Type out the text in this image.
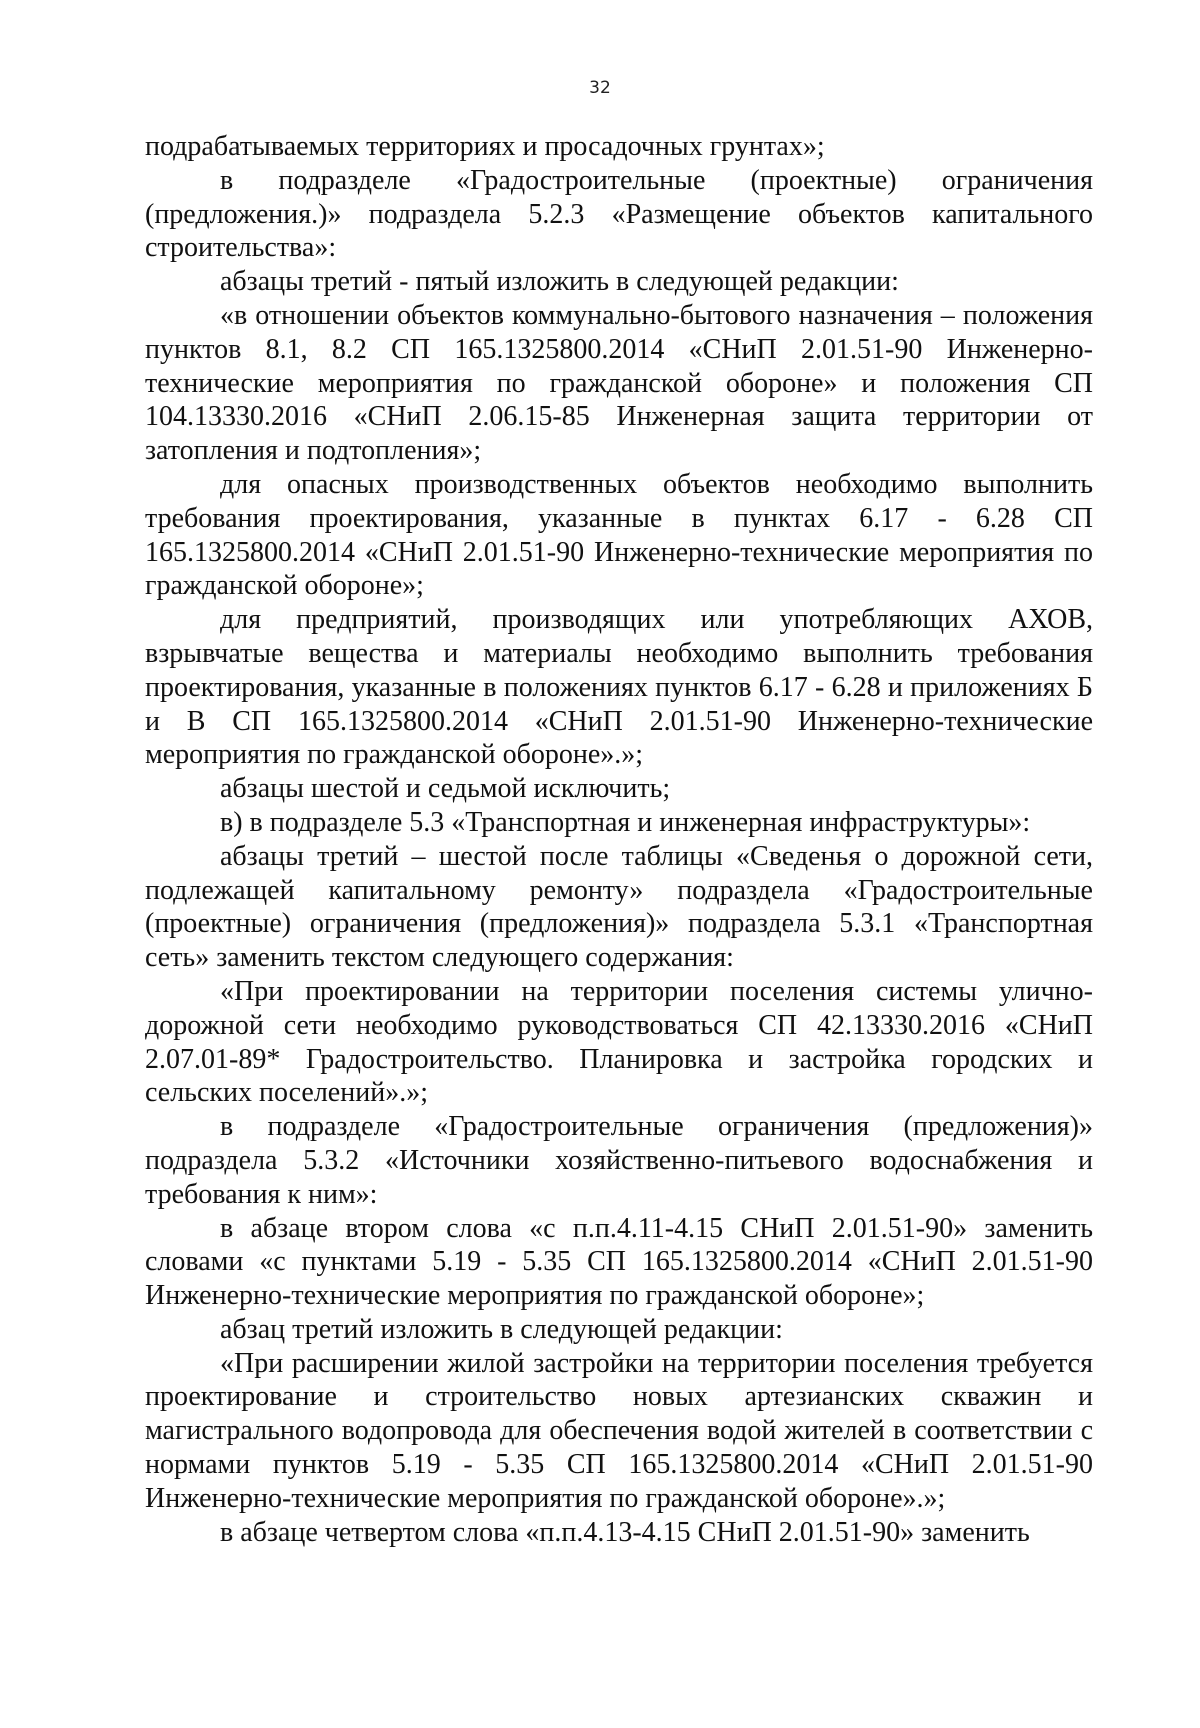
32

подрабатываемых территориях и просадочных грунтах»;

в подразделе «Градостроительные (проектные) ограничения (предложения.)» подраздела 5.2.3 «Размещение объектов капитального строительства»:

абзацы третий - пятый изложить в следующей редакции:

«в отношении объектов коммунально-бытового назначения – положения пунктов 8.1, 8.2 СП 165.1325800.2014 «СНиП 2.01.51-90 Инженерно-технические мероприятия по гражданской обороне» и положения СП 104.13330.2016 «СНиП 2.06.15-85 Инженерная защита территории от затопления и подтопления»;

для опасных производственных объектов необходимо выполнить требования проектирования, указанные в пунктах 6.17 - 6.28 СП 165.1325800.2014 «СНиП 2.01.51-90 Инженерно-технические мероприятия по гражданской обороне»;

для предприятий, производящих или употребляющих АХОВ, взрывчатые вещества и материалы необходимо выполнить требования проектирования, указанные в положениях пунктов 6.17 - 6.28 и приложениях Б и В СП 165.1325800.2014 «СНиП 2.01.51-90 Инженерно-технические мероприятия по гражданской обороне».»;

абзацы шестой и седьмой исключить;

в) в подразделе 5.3 «Транспортная и инженерная инфраструктуры»:

абзацы третий – шестой после таблицы «Сведенья о дорожной сети, подлежащей капитальному ремонту» подраздела «Градостроительные (проектные) ограничения (предложения)» подраздела 5.3.1 «Транспортная сеть» заменить текстом следующего содержания:

«При проектировании на территории поселения системы улично-дорожной сети необходимо руководствоваться СП 42.13330.2016 «СНиП 2.07.01-89* Градостроительство. Планировка и застройка городских и сельских поселений».»;

в подразделе «Градостроительные ограничения (предложения)» подраздела 5.3.2 «Источники хозяйственно-питьевого водоснабжения и требования к ним»:

в абзаце втором слова «с п.п.4.11-4.15 СНиП 2.01.51-90» заменить словами «с пунктами 5.19 - 5.35 СП 165.1325800.2014 «СНиП 2.01.51-90 Инженерно-технические мероприятия по гражданской обороне»;

абзац третий изложить в следующей редакции:

«При расширении жилой застройки на территории поселения требуется проектирование и строительство новых артезианских скважин и магистрального водопровода для обеспечения водой жителей в соответствии с нормами пунктов 5.19 - 5.35 СП 165.1325800.2014 «СНиП 2.01.51-90 Инженерно-технические мероприятия по гражданской обороне».»;

в абзаце четвертом слова «п.п.4.13-4.15 СНиП 2.01.51-90» заменить
